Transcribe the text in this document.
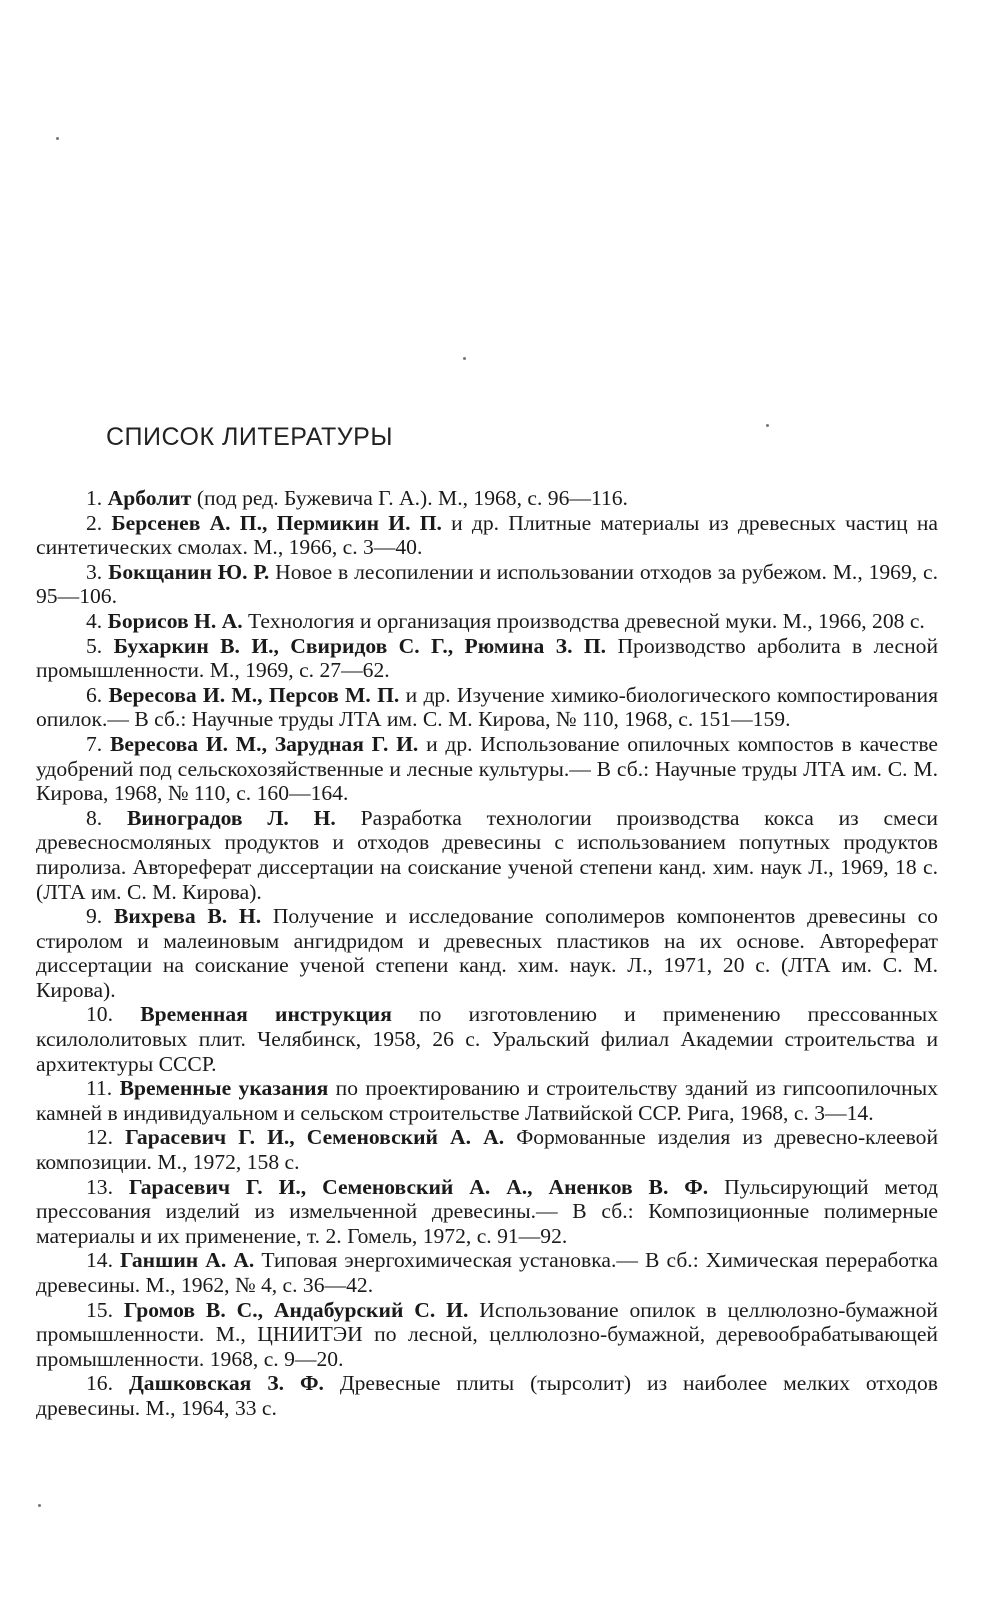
СПИСОК ЛИТЕРАТУРЫ
1. Арболит (под ред. Бужевича Г. А.). М., 1968, с. 96—116.
2. Берсенев А. П., Пермикин И. П. и др. Плитные материалы из древесных частиц на синтетических смолах. М., 1966, с. 3—40.
3. Бокщанин Ю. Р. Новое в лесопилении и использовании отходов за рубежом. М., 1969, с. 95—106.
4. Борисов Н. А. Технология и организация производства древесной муки. М., 1966, 208 с.
5. Бухаркин В. И., Свиридов С. Г., Рюмина З. П. Производство арболита в лесной промышленности. М., 1969, с. 27—62.
6. Вересова И. М., Персов М. П. и др. Изучение химико-биологического компостирования опилок.— В сб.: Научные труды ЛТА им. С. М. Кирова, № 110, 1968, с. 151—159.
7. Вересова И. М., Зарудная Г. И. и др. Использование опилочных компостов в качестве удобрений под сельскохозяйственные и лесные культуры.— В сб.: Научные труды ЛТА им. С. М. Кирова, 1968, № 110, с. 160—164.
8. Виноградов Л. Н. Разработка технологии производства кокса из смеси древесносмоляных продуктов и отходов древесины с использованием попутных продуктов пиролиза. Автореферат диссертации на соискание ученой степени канд. хим. наук Л., 1969, 18 с. (ЛТА им. С. М. Кирова).
9. Вихрева В. Н. Получение и исследование сополимеров компонентов древесины со стиролом и малеиновым ангидридом и древесных пластиков на их основе. Автореферат диссертации на соискание ученой степени канд. хим. наук. Л., 1971, 20 с. (ЛТА им. С. М. Кирова).
10. Временная инструкция по изготовлению и применению прессованных ксилололитовых плит. Челябинск, 1958, 26 с. Уральский филиал Академии строительства и архитектуры СССР.
11. Временные указания по проектированию и строительству зданий из гипсоопилочных камней в индивидуальном и сельском строительстве Латвийской ССР. Рига, 1968, с. 3—14.
12. Гарасевич Г. И., Семеновский А. А. Формованные изделия из древесно-клеевой композиции. М., 1972, 158 с.
13. Гарасевич Г. И., Семеновский А. А., Аненков В. Ф. Пульсирующий метод прессования изделий из измельченной древесины.— В сб.: Композиционные полимерные материалы и их применение, т. 2. Гомель, 1972, с. 91—92.
14. Ганшин А. А. Типовая энергохимическая установка.— В сб.: Химическая переработка древесины. М., 1962, № 4, с. 36—42.
15. Громов В. С., Андабурский С. И. Использование опилок в целлюлозно-бумажной промышленности. М., ЦНИИТЭИ по лесной, целлюлозно-бумажной, деревообрабатывающей промышленности. 1968, с. 9—20.
16. Дашковская З. Ф. Древесные плиты (тырсолит) из наиболее мелких отходов древесины. М., 1964, 33 с.
